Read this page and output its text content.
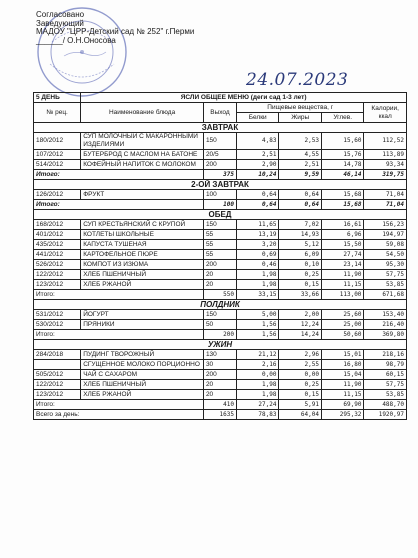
Согласовано
Заведующий
МАДОУ "ЦРР-Детский сад № 252" г.Перми
______/ О.Н.Оносова
24.07.2023
5 ДЕНЬ	ЯСЛИ ОБЩЕЕ МЕНЮ (деги сад 1-3 лет)					
№ рец.	Наименование блюда	Выход	Пищевые вещества, г			Калории, ккал
			Белки	Жиры	Углев.	
ЗАВТРАК						
180/2012	СУП МОЛОЧНЫЙ С МАКАРОННЫМИ ИЗДЕЛИЯМИ	150	4,83	2,53	15,60	112,52
107/2012	БУТЕРБРОД С МАСЛОМ НА БАТОНЕ	20/5	2,51	4,55	15,76	113,89
514/2012	КОФЕЙНЫЙ НАПИТОК С МОЛОКОМ	200	2,90	2,51	14,78	93,34
Итого:		375	10,24	9,59	46,14	319,75
2-ОЙ ЗАВТРАК						
126/2012	ФРУКТ	100	0,64	0,64	15,68	71,04
Итого:		100	0,64	0,64	15,68	71,04
ОБЕД						
168/2012	СУП КРЕСТЬЯНСКИЙ С КРУПОЙ	150	11,65	7,02	16,61	156,23
401/2012	КОТЛЕТЫ ШКОЛЬНЫЕ	55	13,19	14,93	6,96	194,97
435/2012	КАПУСТА ТУШЕНАЯ	55	3,20	5,12	15,50	59,08
441/2012	КАРТОФЕЛЬНОЕ ПЮРЕ	55	0,69	6,09	27,74	54,50
526/2012	КОМПОТ ИЗ ИЗЮМА	200	0,46	0,10	23,14	95,30
122/2012	ХЛЕБ ПШЕНИЧНЫЙ	20	1,98	0,25	11,90	57,75
123/2012	ХЛЕБ РЖАНОЙ	20	1,98	0,15	11,15	53,85
Итого:		550	33,15	33,66	113,00	671,68
ПОЛДНИК						
531/2012	ЙОГУРТ	150	5,00	2,00	25,60	153,40
530/2012	ПРЯНИКИ	50	1,56	12,24	25,00	216,40
Итого:		200	1,56	14,24	50,60	369,80
УЖИН						
284/2018	ПУДИНГ ТВОРОЖНЫЙ	130	21,12	2,96	15,01	218,16
	СГУЩЕННОЕ МОЛОКО ПОРЦИОННО	30	2,16	2,55	16,80	98,79
505/2012	ЧАЙ С САХАРОМ	200	0,00	0,00	15,04	60,15
122/2012	ХЛЕБ ПШЕНИЧНЫЙ	20	1,98	0,25	11,90	57,75
123/2012	ХЛЕБ РЖАНОЙ	20	1,98	0,15	11,15	53,85
Итого:		410	27,24	5,91	69,90	488,70
Всего за день:		1635	78,83	64,04	295,32	1920,97
